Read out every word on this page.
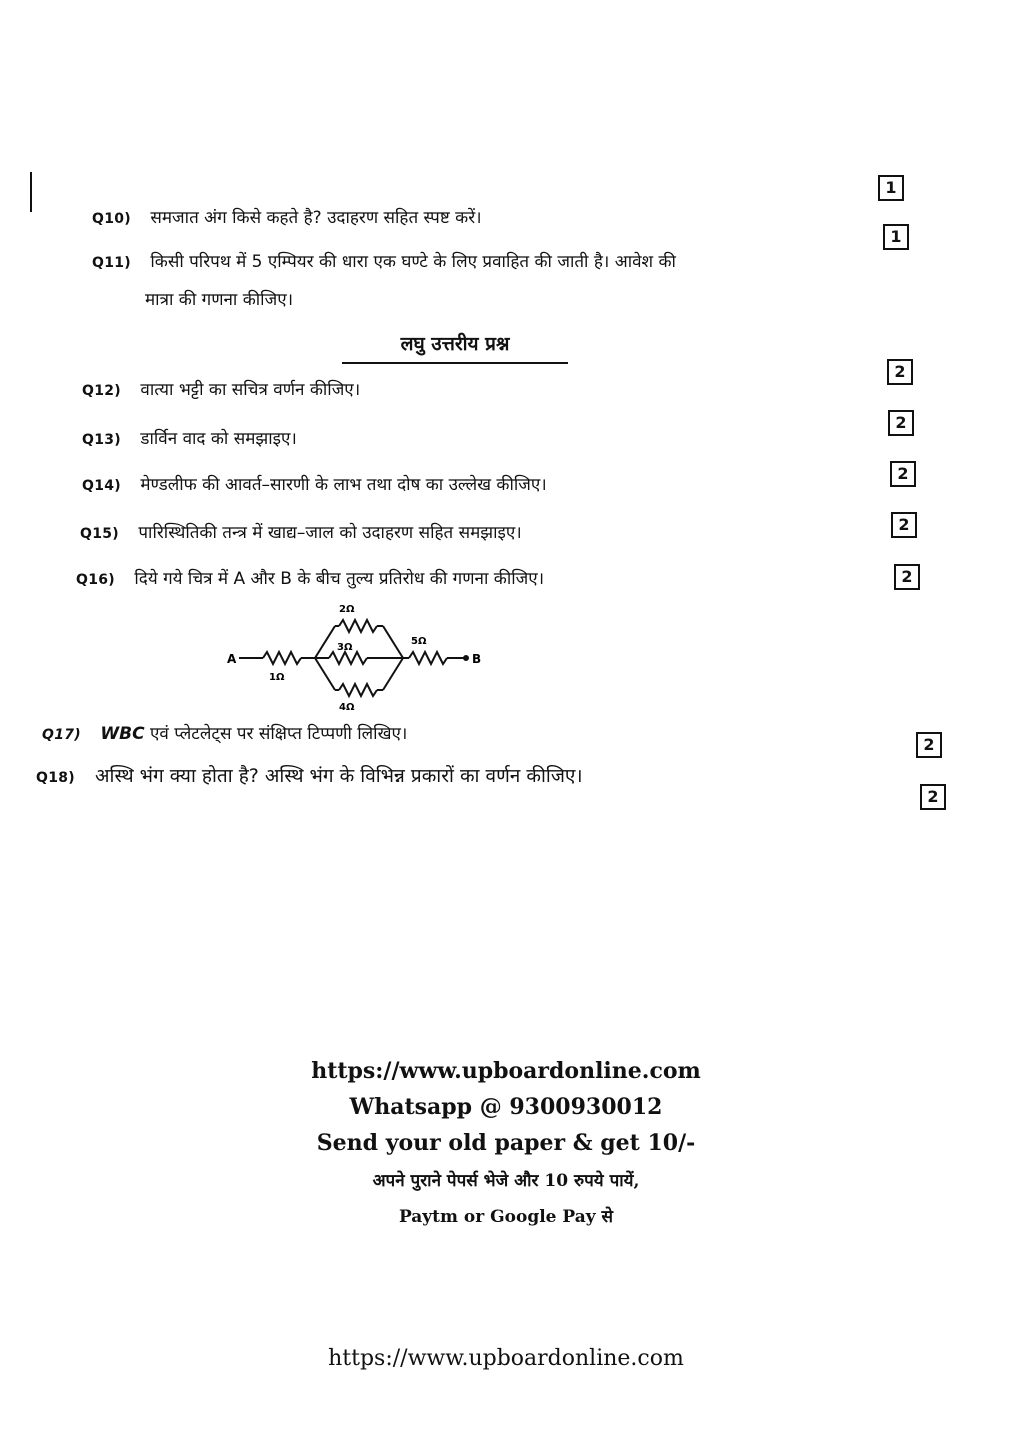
Q10) समजात अंग किसे कहते है? उदाहरण सहित स्पष्ट करें।
1
Q11) किसी परिपथ में 5 एम्पियर की धारा एक घण्टे के लिए प्रवाहित की जाती है। आवेश की
मात्रा की गणना कीजिए।
1
लघु उत्तरीय प्रश्न
Q12) वात्या भट्टी का सचित्र वर्णन कीजिए।
2
Q13) डार्विन वाद को समझाइए।
2
Q14) मेण्डलीफ की आवर्त–सारणी के लाभ तथा दोष का उल्लेख कीजिए।
2
Q15) पारिस्थितिकी तन्त्र में खाद्य–जाल को उदाहरण सहित समझाइए।	2
Q16) दिये गये चित्र में A और B के बीच तुल्य प्रतिरोध की गणना कीजिए।	2
A
1Ω
2Ω
3Ω
4Ω
5Ω
B
Q17) WBC एवं प्लेटलेट्स पर संक्षिप्त टिप्पणी लिखिए।
2
Q18) अस्थि भंग क्या होता है? अस्थि भंग के विभिन्न प्रकारों का वर्णन कीजिए।
2
https://www.upboardonline.com
Whatsapp @ 9300930012
Send your old paper & get 10/-
अपने पुराने पेपर्स भेजे और 10 रुपये पायें,
Paytm or Google Pay से
https://www.upboardonline.com
